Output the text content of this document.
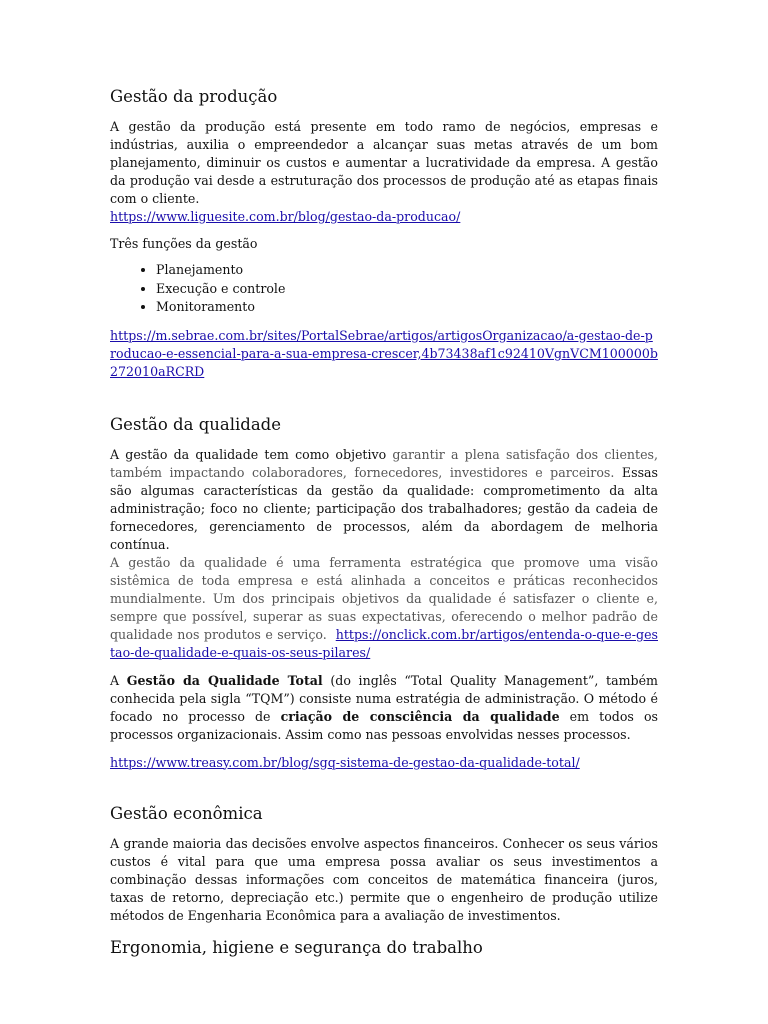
Gestão da produção

A gestão da produção está presente em todo ramo de negócios, empresas e indústrias, auxilia o empreendedor a alcançar suas metas através de um bom planejamento, diminuir os custos e aumentar a lucratividade da empresa. A gestão da produção vai desde a estruturação dos processos de produção até as etapas finais com o cliente.

https://www.liguesite.com.br/blog/gestao-da-producao/

Três funções da gestão

• Planejamento
• Execução e controle
• Monitoramento

https://m.sebrae.com.br/sites/PortalSebrae/artigos/artigosOrganizacao/a-gestao-de-producao-e-essencial-para-a-sua-empresa-crescer,4b73438af1c92410VgnVCM100000b272010aRCRD

Gestão da qualidade

A gestão da qualidade tem como objetivo garantir a plena satisfação dos clientes, também impactando colaboradores, fornecedores, investidores e parceiros. Essas são algumas características da gestão da qualidade: comprometimento da alta administração; foco no cliente; participação dos trabalhadores; gestão da cadeia de fornecedores, gerenciamento de processos, além da abordagem de melhoria contínua.

A gestão da qualidade é uma ferramenta estratégica que promove uma visão sistêmica de toda empresa e está alinhada a conceitos e práticas reconhecidos mundialmente. Um dos principais objetivos da qualidade é satisfazer o cliente e, sempre que possível, superar as suas expectativas, oferecendo o melhor padrão de qualidade nos produtos e serviço. https://onclick.com.br/artigos/entenda-o-que-e-gestao-de-qualidade-e-quais-os-seus-pilares/

A Gestão da Qualidade Total (do inglês “Total Quality Management”, também conhecida pela sigla “TQM”) consiste numa estratégia de administração. O método é focado no processo de criação de consciência da qualidade em todos os processos organizacionais. Assim como nas pessoas envolvidas nesses processos.

https://www.treasy.com.br/blog/sgq-sistema-de-gestao-da-qualidade-total/

Gestão econômica

A grande maioria das decisões envolve aspectos financeiros. Conhecer os seus vários custos é vital para que uma empresa possa avaliar os seus investimentos a combinação dessas informações com conceitos de matemática financeira (juros, taxas de retorno, depreciação etc.) permite que o engenheiro de produção utilize métodos de Engenharia Econômica para a avaliação de investimentos.

Ergonomia, higiene e segurança do trabalho
